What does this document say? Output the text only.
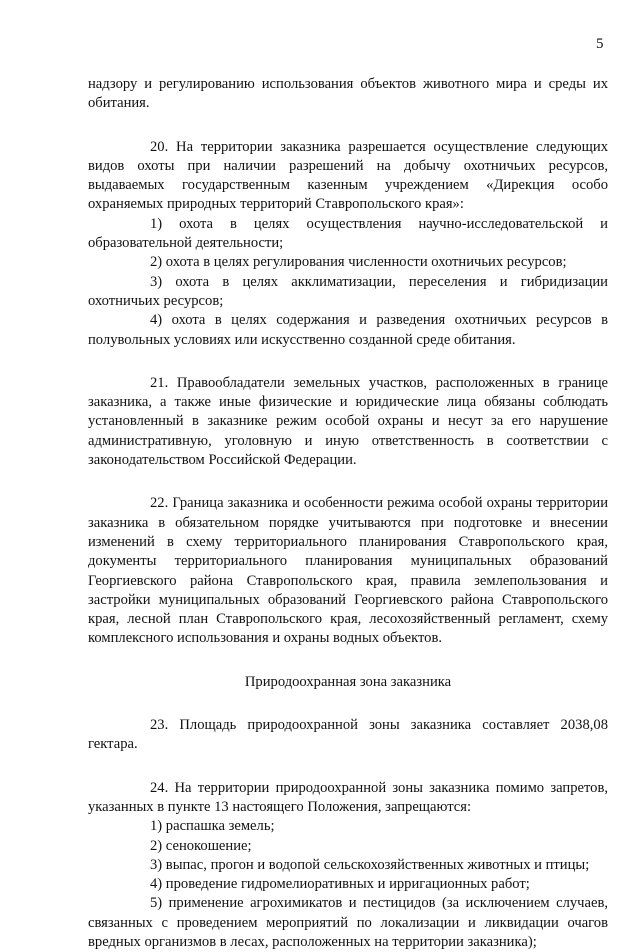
5

надзору и регулированию использования объектов животного мира и среды их обитания.

20. На территории заказника разрешается осуществление следующих видов охоты при наличии разрешений на добычу охотничьих ресурсов, выдаваемых государственным казенным учреждением «Дирекция особо охраняемых природных территорий Ставропольского края»:

1) охота в целях осуществления научно-исследовательской и образовательной деятельности;

2) охота в целях регулирования численности охотничьих ресурсов;

3) охота в целях акклиматизации, переселения и гибридизации охотничьих ресурсов;

4) охота в целях содержания и разведения охотничьих ресурсов в полувольных условиях или искусственно созданной среде обитания.

21. Правообладатели земельных участков, расположенных в границе заказника, а также иные физические и юридические лица обязаны соблюдать установленный в заказнике режим особой охраны и несут за его нарушение административную, уголовную и иную ответственность в соответствии с законодательством Российской Федерации.

22. Граница заказника и особенности режима особой охраны территории заказника в обязательном порядке учитываются при подготовке и внесении изменений в схему территориального планирования Ставропольского края, документы территориального планирования муниципальных образований Георгиевского района Ставропольского края, правила землепользования и застройки муниципальных образований Георгиевского района Ставропольского края, лесной план Ставропольского края, лесохозяйственный регламент, схему комплексного использования и охраны водных объектов.

Природоохранная зона заказника

23. Площадь природоохранной зоны заказника составляет 2038,08 гектара.

24. На территории природоохранной зоны заказника помимо запретов, указанных в пункте 13 настоящего Положения, запрещаются:

1) распашка земель;

2) сенокошение;

3) выпас, прогон и водопой сельскохозяйственных животных и птицы;

4) проведение гидромелиоративных и ирригационных работ;

5) применение агрохимикатов и пестицидов (за исключением случаев, связанных с проведением мероприятий по локализации и ликвидации очагов вредных организмов в лесах, расположенных на территории заказника);
